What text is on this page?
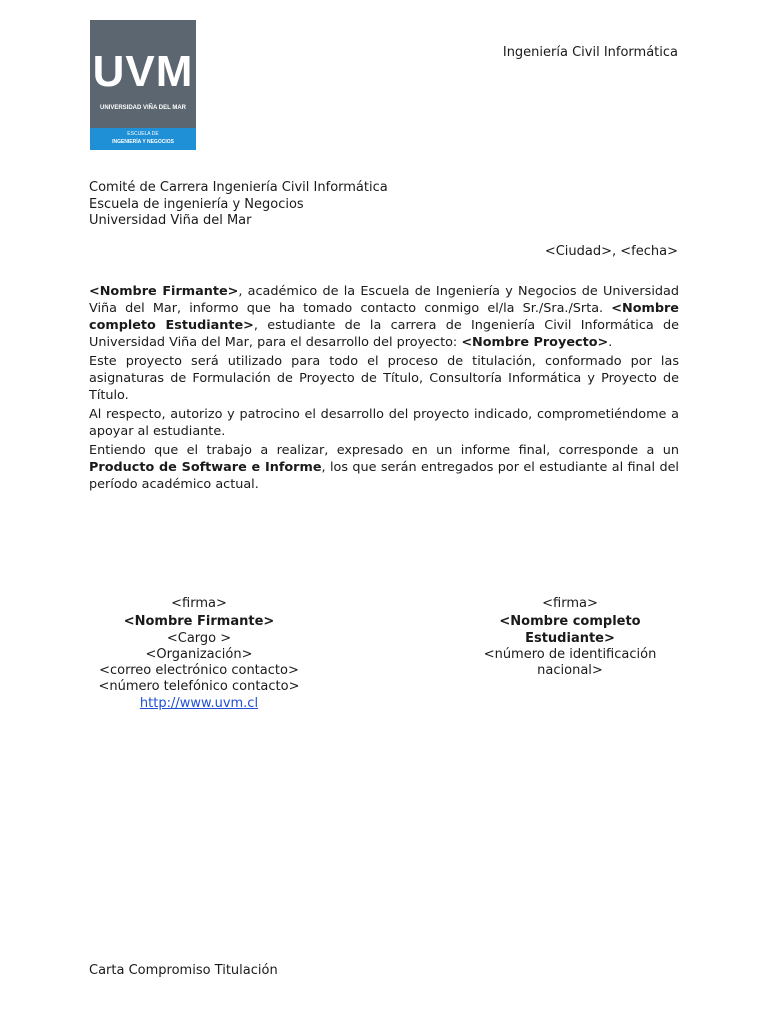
UVM
UNIVERSIDAD VIÑA DEL MAR
ESCUELA DE
INGENIERÍA Y NEGOCIOS
Ingeniería Civil Informática
Comité de Carrera Ingeniería Civil Informática
Escuela de ingeniería y Negocios
Universidad Viña del Mar
<Ciudad>, <fecha>

<Nombre Firmante>, académico de la Escuela de Ingeniería y Negocios de Universidad Viña del Mar, informo que ha tomado contacto conmigo el/la Sr./Sra./Srta. <Nombre completo Estudiante>, estudiante de la carrera de Ingeniería Civil Informática de Universidad Viña del Mar, para el desarrollo del proyecto: <Nombre Proyecto>.

Este proyecto será utilizado para todo el proceso de titulación, conformado por las asignaturas de Formulación de Proyecto de Título, Consultoría Informática y Proyecto de Título.

Al respecto, autorizo y patrocino el desarrollo del proyecto indicado, comprometiéndome a apoyar al estudiante.

Entiendo que el trabajo a realizar, expresado en un informe final, corresponde a un Producto de Software e Informe, los que serán entregados por el estudiante al final del período académico actual.

<firma>
<Nombre Firmante>
<Cargo >
<Organización>
<correo electrónico contacto>
<número telefónico contacto>
http://www.uvm.cl
<firma>
<Nombre completo Estudiante>
<número de identificación
nacional>
Carta Compromiso Titulación
